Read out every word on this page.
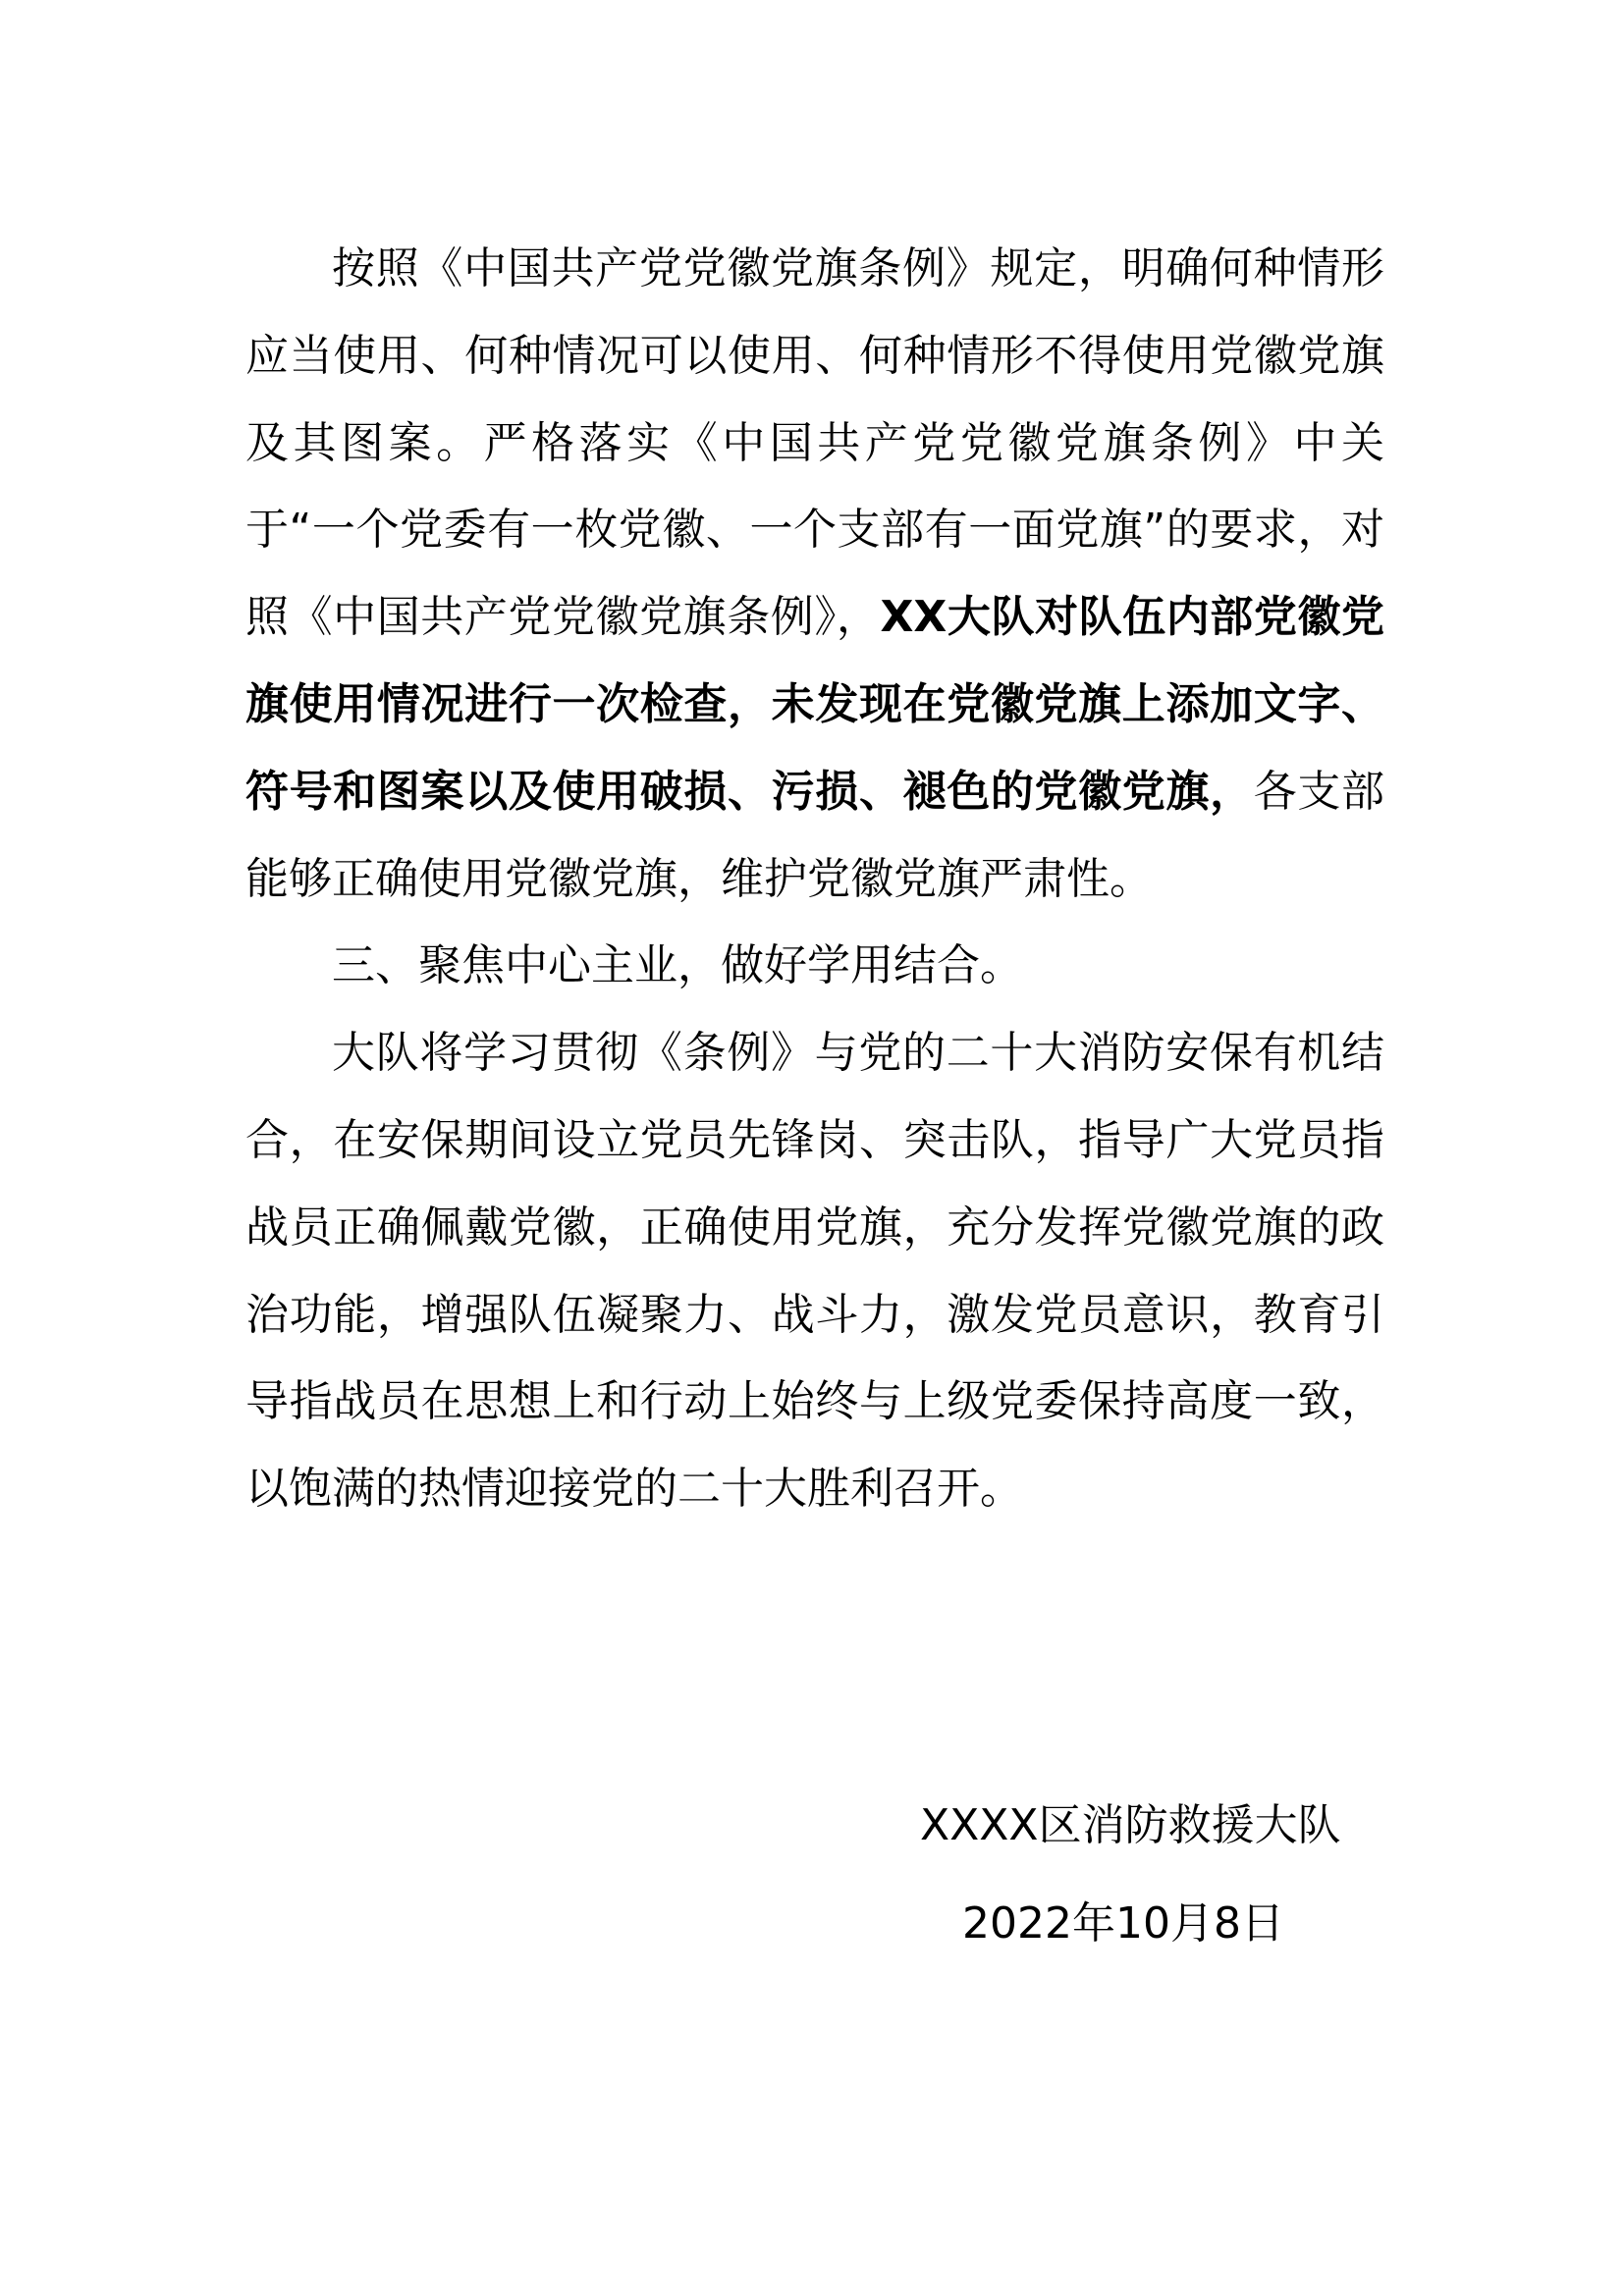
按照《中国共产党党徽党旗条例》规定，明确何种情形应当使用、何种情况可以使用、何种情形不得使用党徽党旗及其图案。严格落实《中国共产党党徽党旗条例》中关于“一个党委有一枚党徽、一个支部有一面党旗”的要求，对照《中国共产党党徽党旗条例》，XX大队对队伍内部党徽党旗使用情况进行一次检查，未发现在党徽党旗上添加文字、符号和图案以及使用破损、污损、褪色的党徽党旗，各支部能够正确使用党徽党旗，维护党徽党旗严肃性。

三、聚焦中心主业，做好学用结合。

大队将学习贯彻《条例》与党的二十大消防安保有机结合，在安保期间设立党员先锋岗、突击队，指导广大党员指战员正确佩戴党徽，正确使用党旗，充分发挥党徽党旗的政治功能，增强队伍凝聚力、战斗力，激发党员意识，教育引导指战员在思想上和行动上始终与上级党委保持高度一致，以饱满的热情迎接党的二十大胜利召开。

XXXX区消防救援大队
2022年10月8日
